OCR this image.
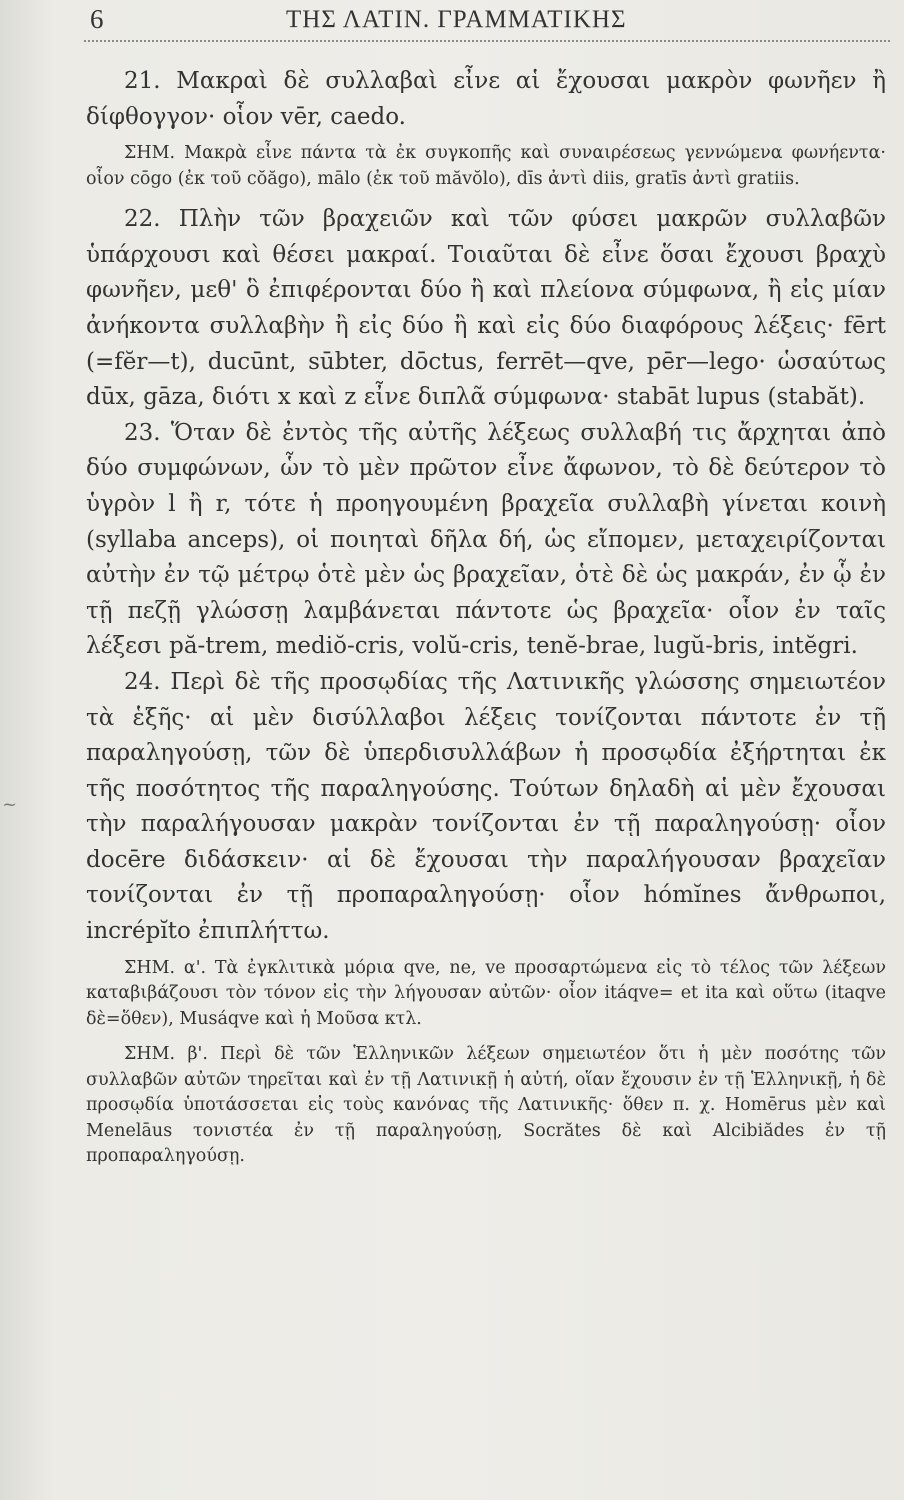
6	ΤΗΣ ΛΑΤΙΝ. ΓΡΑΜΜΑΤΙΚΗΣ
~

21. Μακραὶ δὲ συλλαβαὶ εἶνε αἱ ἔχουσαι μακρὸν φωνῆεν ἢ δίφθογγον· οἷον vēr, caedo.

ΣΗΜ. Μακρὰ εἶνε πάντα τὰ ἐκ συγκοπῆς καὶ συναιρέσεως γεννώμενα φωνήεντα· οἷον cōgo (ἐκ τοῦ cŏăgo), mālo (ἐκ τοῦ măvŏlo), dīs ἀντὶ diis, gratīs ἀντὶ gratiis.

22. Πλὴν τῶν βραχειῶν καὶ τῶν φύσει μακρῶν συλλαβῶν ὑπάρχουσι καὶ θέσει μακραί. Τοιαῦται δὲ εἶνε ὅσαι ἔχουσι βραχὺ φωνῆεν, μεθ' ὃ ἐπιφέρονται δύο ἢ καὶ πλείονα σύμφωνα, ἢ εἰς μίαν ἀνήκοντα συλλαβὴν ἢ εἰς δύο ἢ καὶ εἰς δύο διαφόρους λέξεις· fērt (=fĕr—t), ducūnt, sūbter, dōctus, ferrēt—qve, pēr—lego· ὡσαύτως dūx, gāza, διότι x καὶ z εἶνε διπλᾶ σύμφωνα· stabāt lupus (stabăt).

23. Ὅταν δὲ ἐντὸς τῆς αὐτῆς λέξεως συλλαβή τις ἄρχηται ἀπὸ δύο συμφώνων, ὧν τὸ μὲν πρῶτον εἶνε ἄφωνον, τὸ δὲ δεύτερον τὸ ὑγρὸν l ἢ r, τότε ἡ προηγουμένη βραχεῖα συλλαβὴ γίνεται κοινὴ (syllaba anceps), οἱ ποιηταὶ δῆλα δή, ὡς εἴπομεν, μεταχειρίζονται αὐτὴν ἐν τῷ μέτρῳ ὁτὲ μὲν ὡς βραχεῖαν, ὁτὲ δὲ ὡς μακράν, ἐν ᾧ ἐν τῇ πεζῇ γλώσσῃ λαμβάνεται πάντοτε ὡς βραχεῖα· οἷον ἐν ταῖς λέξεσι pă-trem, mediŏ-cris, volŭ-cris, tenĕ-brae, lugŭ-bris, intĕgri.

24. Περὶ δὲ τῆς προσῳδίας τῆς Λατινικῆς γλώσσης σημειωτέον τὰ ἑξῆς· αἱ μὲν δισύλλαβοι λέξεις τονίζονται πάντοτε ἐν τῇ παραληγούσῃ, τῶν δὲ ὑπερδισυλλάβων ἡ προσῳδία ἐξήρτηται ἐκ τῆς ποσότητος τῆς παραληγούσης. Τούτων δηλαδὴ αἱ μὲν ἔχουσαι τὴν παραλήγουσαν μακρὰν τονίζονται ἐν τῇ παραληγούσῃ· οἷον docēre διδάσκειν· αἱ δὲ ἔχουσαι τὴν παραλήγουσαν βραχεῖαν τονίζονται ἐν τῇ προπαραληγούσῃ· οἷον hómĭnes ἄνθρωποι, incrépĭto ἐπιπλήττω.

ΣΗΜ. α'. Τὰ ἐγκλιτικὰ μόρια qve, ne, ve προσαρτώμενα εἰς τὸ τέλος τῶν λέξεων καταβιβάζουσι τὸν τόνον εἰς τὴν λήγουσαν αὐτῶν· οἷον itáqve= et ita καὶ οὕτω (itaqve δὲ=ὅθεν), Musáqve καὶ ἡ Μοῦσα κτλ.

ΣΗΜ. β'. Περὶ δὲ τῶν Ἑλληνικῶν λέξεων σημειωτέον ὅτι ἡ μὲν ποσότης τῶν συλλαβῶν αὐτῶν τηρεῖται καὶ ἐν τῇ Λατινικῇ ἡ αὐτή, οἵαν ἔχουσιν ἐν τῇ Ἑλληνικῇ, ἡ δὲ προσῳδία ὑποτάσσεται εἰς τοὺς κανόνας τῆς Λατινικῆς· ὅθεν π. χ. Homērus μὲν καὶ Menelāus τονιστέα ἐν τῇ παραληγούσῃ, Socrătes δὲ καὶ Alcibiădes ἐν τῇ προπαραληγούσῃ.
